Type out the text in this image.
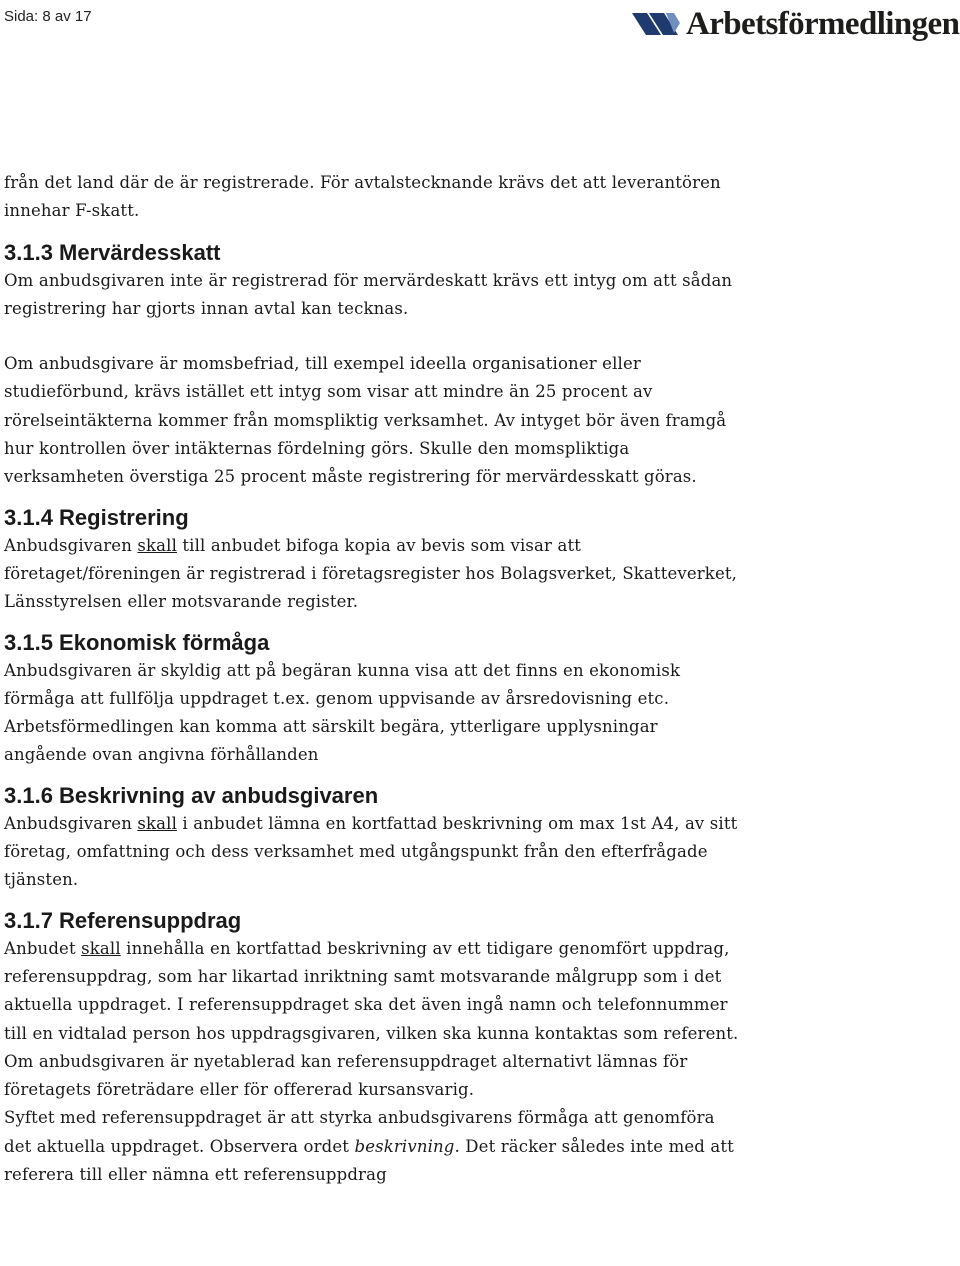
Sida: 8 av 17	Arbetsförmedlingen

från det land där de är registrerade. För avtalstecknande krävs det att leverantören

innehar F-skatt.

3.1.3 Mervärdesskatt

Om anbudsgivaren inte är registrerad för mervärdeskatt krävs ett intyg om att sådan

registrering har gjorts innan avtal kan tecknas.

Om anbudsgivare är momsbefriad, till exempel ideella organisationer eller

studieförbund, krävs istället ett intyg som visar att mindre än 25 procent av

rörelseintäkterna kommer från momspliktig verksamhet. Av intyget bör även framgå

hur kontrollen över intäkternas fördelning görs. Skulle den momspliktiga

verksamheten överstiga 25 procent måste registrering för mervärdesskatt göras.

3.1.4 Registrering

Anbudsgivaren skall till anbudet bifoga kopia av bevis som visar att

företaget/föreningen är registrerad i företagsregister hos Bolagsverket, Skatteverket,

Länsstyrelsen eller motsvarande register.

3.1.5 Ekonomisk förmåga

Anbudsgivaren är skyldig att på begäran kunna visa att det finns en ekonomisk

förmåga att fullfölja uppdraget t.ex. genom uppvisande av årsredovisning etc.

Arbetsförmedlingen kan komma att särskilt begära, ytterligare upplysningar

angående ovan angivna förhållanden

3.1.6 Beskrivning av anbudsgivaren

Anbudsgivaren skall i anbudet lämna en kortfattad beskrivning om max 1st A4, av sitt

företag, omfattning och dess verksamhet med utgångspunkt från den efterfrågade

tjänsten.

3.1.7 Referensuppdrag

Anbudet skall innehålla en kortfattad beskrivning av ett tidigare genomfört uppdrag,

referensuppdrag, som har likartad inriktning samt motsvarande målgrupp som i det

aktuella uppdraget. I referensuppdraget ska det även ingå namn och telefonnummer

till en vidtalad person hos uppdragsgivaren, vilken ska kunna kontaktas som referent.

Om anbudsgivaren är nyetablerad kan referensuppdraget alternativt lämnas för

företagets företrädare eller för offererad kursansvarig.

Syftet med referensuppdraget är att styrka anbudsgivarens förmåga att genomföra

det aktuella uppdraget. Observera ordet beskrivning. Det räcker således inte med att

referera till eller nämna ett referensuppdrag
